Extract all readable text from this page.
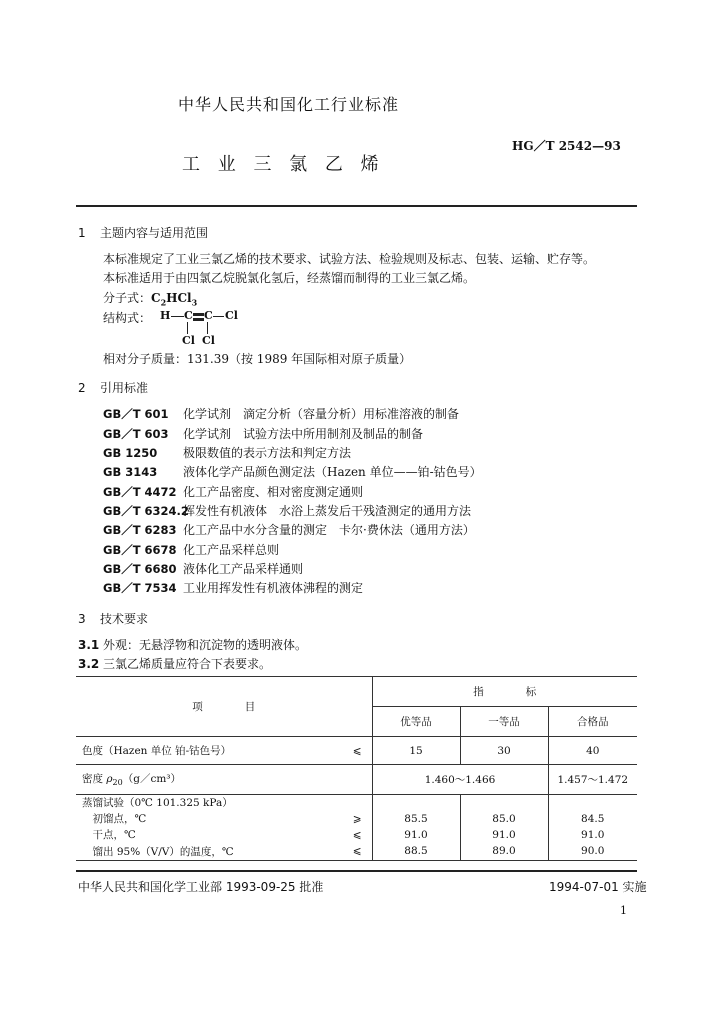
中华人民共和国化工行业标准
HG／T 2542—93
工 业 三 氯 乙 烯
1 主题内容与适用范围
本标准规定了工业三氯乙烯的技术要求、试验方法、检验规则及标志、包装、运输、贮存等。
本标准适用于由四氯乙烷脱氯化氢后，经蒸馏而制得的工业三氯乙烯。
分子式：$C_2HCl_3$
结构式： H C C Cl
Cl Cl
相对分子质量：131.39（按 1989 年国际相对原子质量）
2 引用标准
GB／T 601 化学试剂　滴定分析（容量分析）用标准溶液的制备
GB／T 603 化学试剂　试验方法中所用制剂及制品的制备
GB 1250 极限数值的表示方法和判定方法
GB 3143 液体化学产品颜色测定法（Hazen 单位——铂-钴色号）
GB／T 4472 化工产品密度、相对密度测定通则
GB／T 6324.2挥发性有机液体　水浴上蒸发后干残渣测定的通用方法
GB／T 6283 化工产品中水分含量的测定　卡尔·费休法（通用方法）
GB／T 6678 化工产品采样总则
GB／T 6680 液体化工产品采样通则
GB／T 7534 工业用挥发性有机液体沸程的测定
3 技术要求
3.1 外观：无悬浮物和沉淀物的透明液体。
3.2 三氯乙烯质量应符合下表要求。
项　　　　目		指　　　　标		
		优等品	一等品	合格品
色度（Hazen 单位 铂-钴色号）	⩽	15	30	40
密度 $\rho_{20}(g/cm^3)$		1.460～1.466		1.457～1.472
蒸馏试验（0℃ 101.325 kPa）				
　初馏点，℃	⩾	85.5	85.0	84.5
　干点，℃	⩽	91.0	91.0	91.0
　馏出 95%（V/V）的温度，℃	⩽	88.5	89.0	90.0
中华人民共和国化学工业部 1993-09-25 批准	1994-07-01 实施
1
